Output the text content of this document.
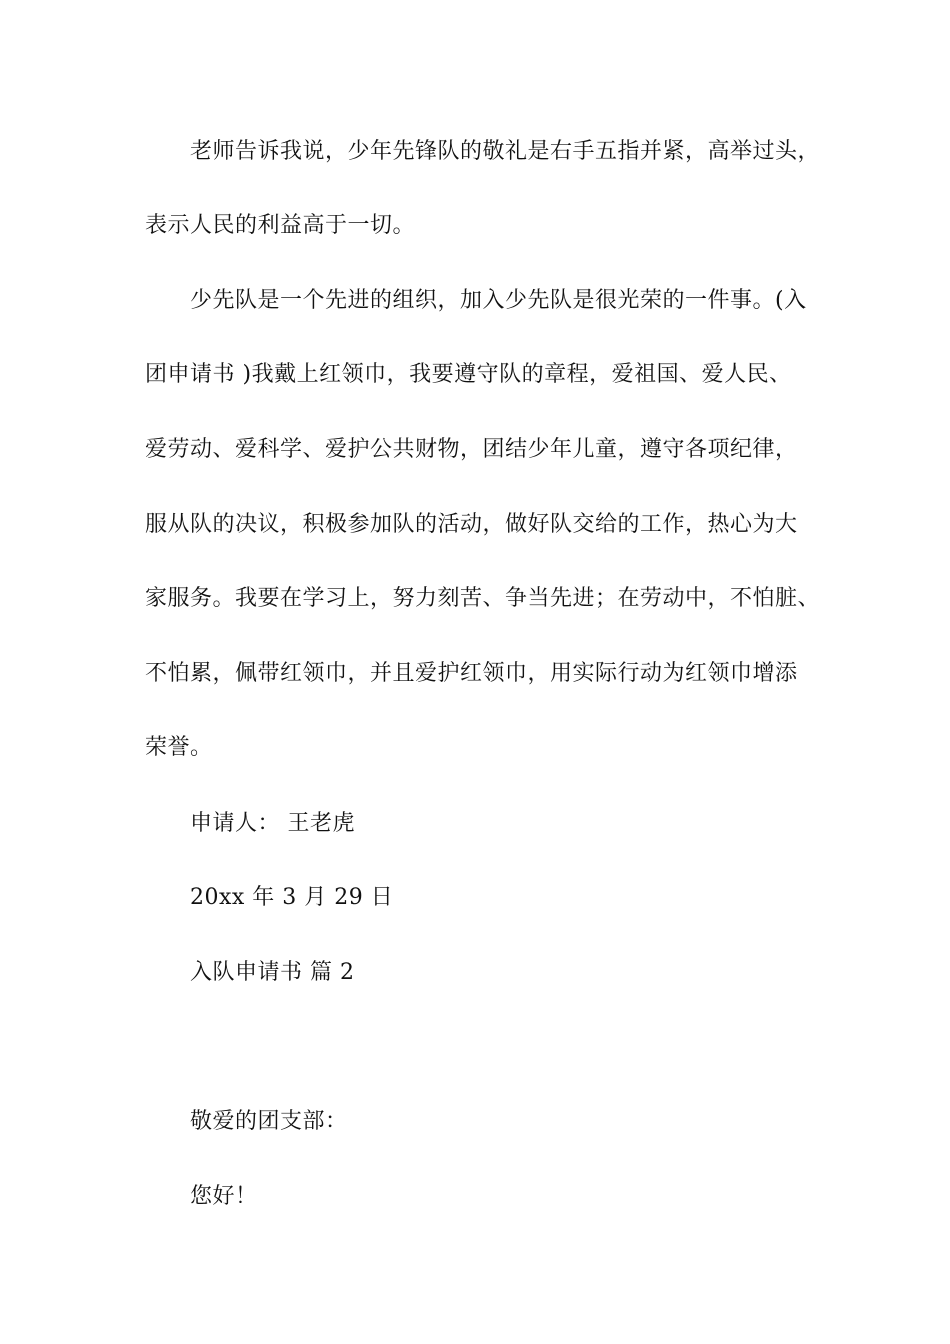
老师告诉我说，少年先锋队的敬礼是右手五指并紧，高举过头，
表示人民的利益高于一切。
少先队是一个先进的组织，加入少先队是很光荣的一件事。(入
团申请书 )我戴上红领巾，我要遵守队的章程，爱祖国、爱人民、
爱劳动、爱科学、爱护公共财物，团结少年儿童，遵守各项纪律，
服从队的决议，积极参加队的活动，做好队交给的工作，热心为大
家服务。我要在学习上，努力刻苦、争当先进；在劳动中，不怕脏、
不怕累，佩带红领巾，并且爱护红领巾，用实际行动为红领巾增添
荣誉。
申请人： 王老虎
20xx 年 3 月 29 日
入队申请书 篇 2
敬爱的团支部：
您好！
